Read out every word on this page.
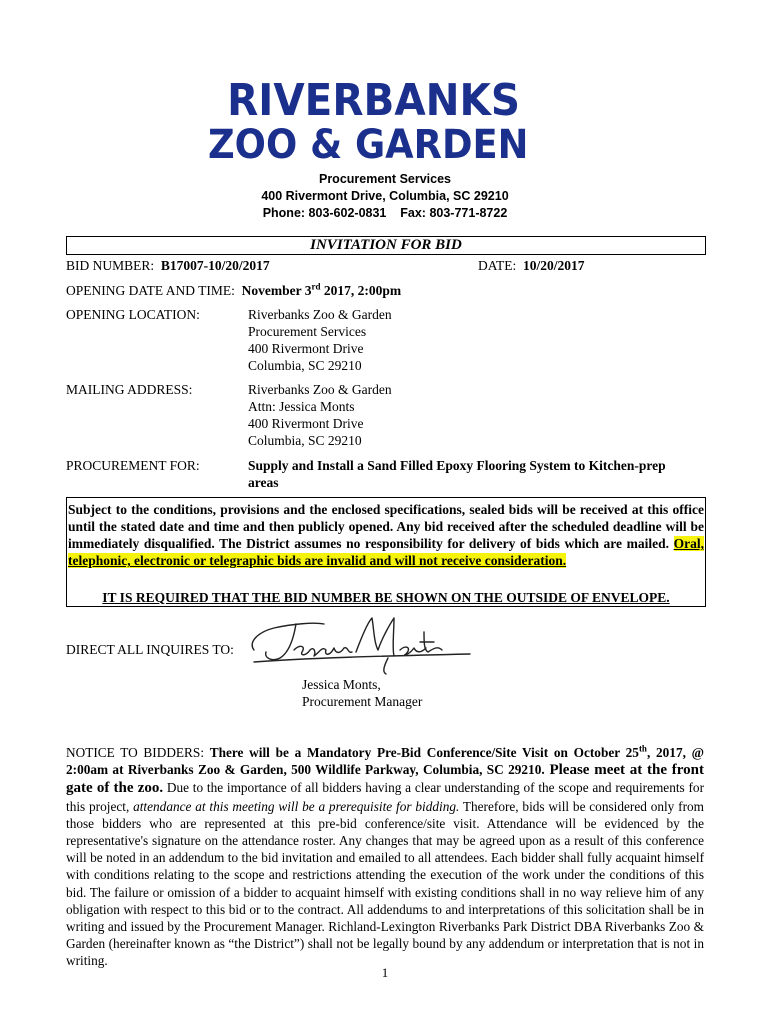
RIVERBANKS
ZOO & GARDEN
Procurement Services
400 Rivermont Drive, Columbia, SC 29210
Phone: 803-602-0831    Fax: 803-771-8722
INVITATION FOR BID
BID NUMBER: B17007-10/20/2017	DATE: 10/20/2017
OPENING DATE AND TIME: November 3rd 2017, 2:00pm
OPENING LOCATION:	Riverbanks Zoo & Garden
Procurement Services
400 Rivermont Drive
Columbia, SC 29210
MAILING ADDRESS:	Riverbanks Zoo & Garden
Attn: Jessica Monts
400 Rivermont Drive
Columbia, SC 29210
PROCUREMENT FOR:	Supply and Install a Sand Filled Epoxy Flooring System to Kitchen-prep
areas
Subject to the conditions, provisions and the enclosed specifications, sealed bids will be received at this office until the stated date and time and then publicly opened. Any bid received after the scheduled deadline will be immediately disqualified. The District assumes no responsibility for delivery of bids which are mailed. Oral, telephonic, electronic or telegraphic bids are invalid and will not receive consideration.
IT IS REQUIRED THAT THE BID NUMBER BE SHOWN ON THE OUTSIDE OF ENVELOPE.
DIRECT ALL INQUIRES TO:
Jessica Monts,
Procurement Manager
NOTICE TO BIDDERS: There will be a Mandatory Pre-Bid Conference/Site Visit on October 25th, 2017, @ 2:00am at Riverbanks Zoo & Garden, 500 Wildlife Parkway, Columbia, SC 29210. Please meet at the front gate of the zoo. Due to the importance of all bidders having a clear understanding of the scope and requirements for this project, attendance at this meeting will be a prerequisite for bidding. Therefore, bids will be considered only from those bidders who are represented at this pre-bid conference/site visit. Attendance will be evidenced by the representative's signature on the attendance roster. Any changes that may be agreed upon as a result of this conference will be noted in an addendum to the bid invitation and emailed to all attendees. Each bidder shall fully acquaint himself with conditions relating to the scope and restrictions attending the execution of the work under the conditions of this bid. The failure or omission of a bidder to acquaint himself with existing conditions shall in no way relieve him of any obligation with respect to this bid or to the contract. All addendums to and interpretations of this solicitation shall be in writing and issued by the Procurement Manager. Richland-Lexington Riverbanks Park District DBA Riverbanks Zoo & Garden (hereinafter known as “the District”) shall not be legally bound by any addendum or interpretation that is not in writing.
1
